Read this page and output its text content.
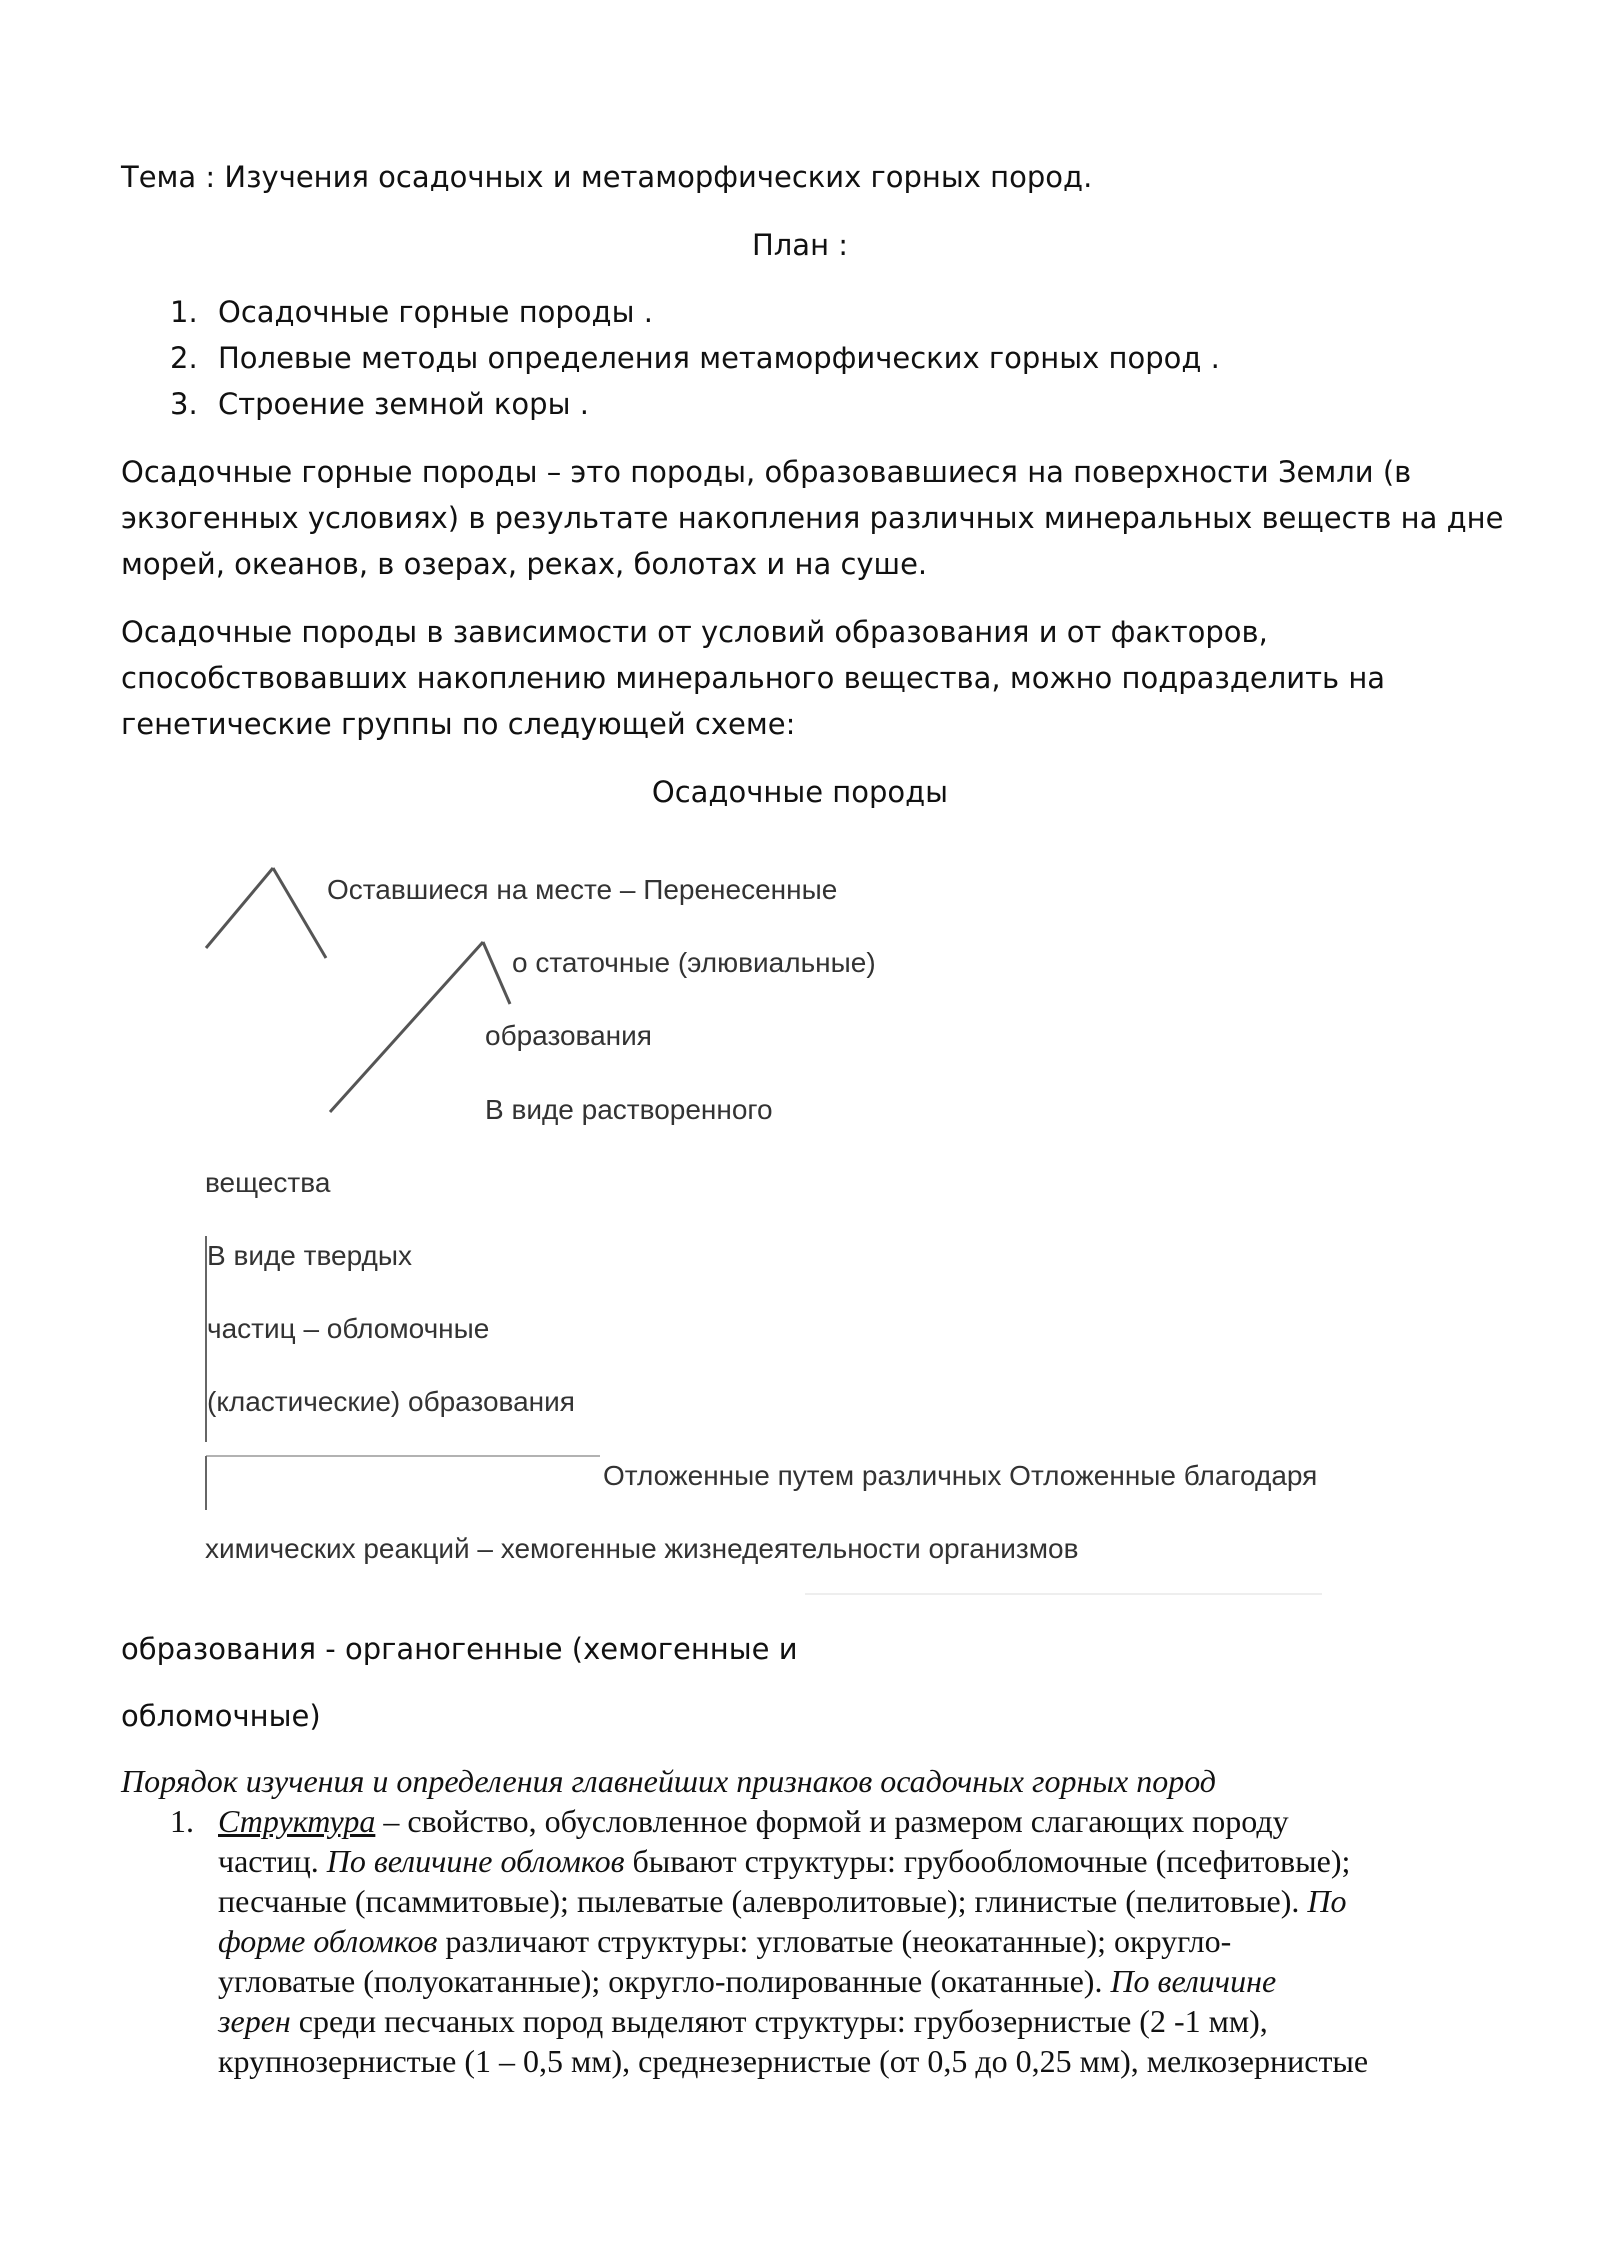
Тема : Изучения осадочных и метаморфических горных пород.
План :
1. Осадочные горные породы .
2. Полевые методы определения метаморфических горных пород .
3. Строение земной коры .
Осадочные горные породы – это породы, образовавшиеся на поверхности Земли (в
экзогенных условиях) в результате накопления различных минеральных веществ на дне
морей, океанов, в озерах, реках, болотах и на суше.
Осадочные породы в зависимости от условий образования и от факторов,
способствовавших накоплению минерального вещества, можно подразделить на
генетические группы по следующей схеме:
Осадочные породы
Оставшиеся на месте – Перенесенные
о статочные (элювиальные)
образования
В виде растворенного
вещества
В виде твердых
частиц – обломочные
(кластические) образования
Отложенные путем различных Отложенные благодаря
химических реакций – хемогенные жизнедеятельности организмов
образования - органогенные (хемогенные и
обломочные)
Порядок изучения и определения главнейших признаков осадочных горных пород
1. Структура – свойство, обусловленное формой и размером слагающих породу
частиц. По величине обломков бывают структуры: грубообломочные (псефитовые);
песчаные (псаммитовые); пылеватые (алевролитовые); глинистые (пелитовые). По
форме обломков различают структуры: угловатые (неокатанные); округло-
угловатые (полуокатанные); округло-полированные (окатанные). По величине
зерен среди песчаных пород выделяют структуры: грубозернистые (2 -1 мм),
крупнозернистые (1 – 0,5 мм), среднезернистые (от 0,5 до 0,25 мм), мелкозернистые
